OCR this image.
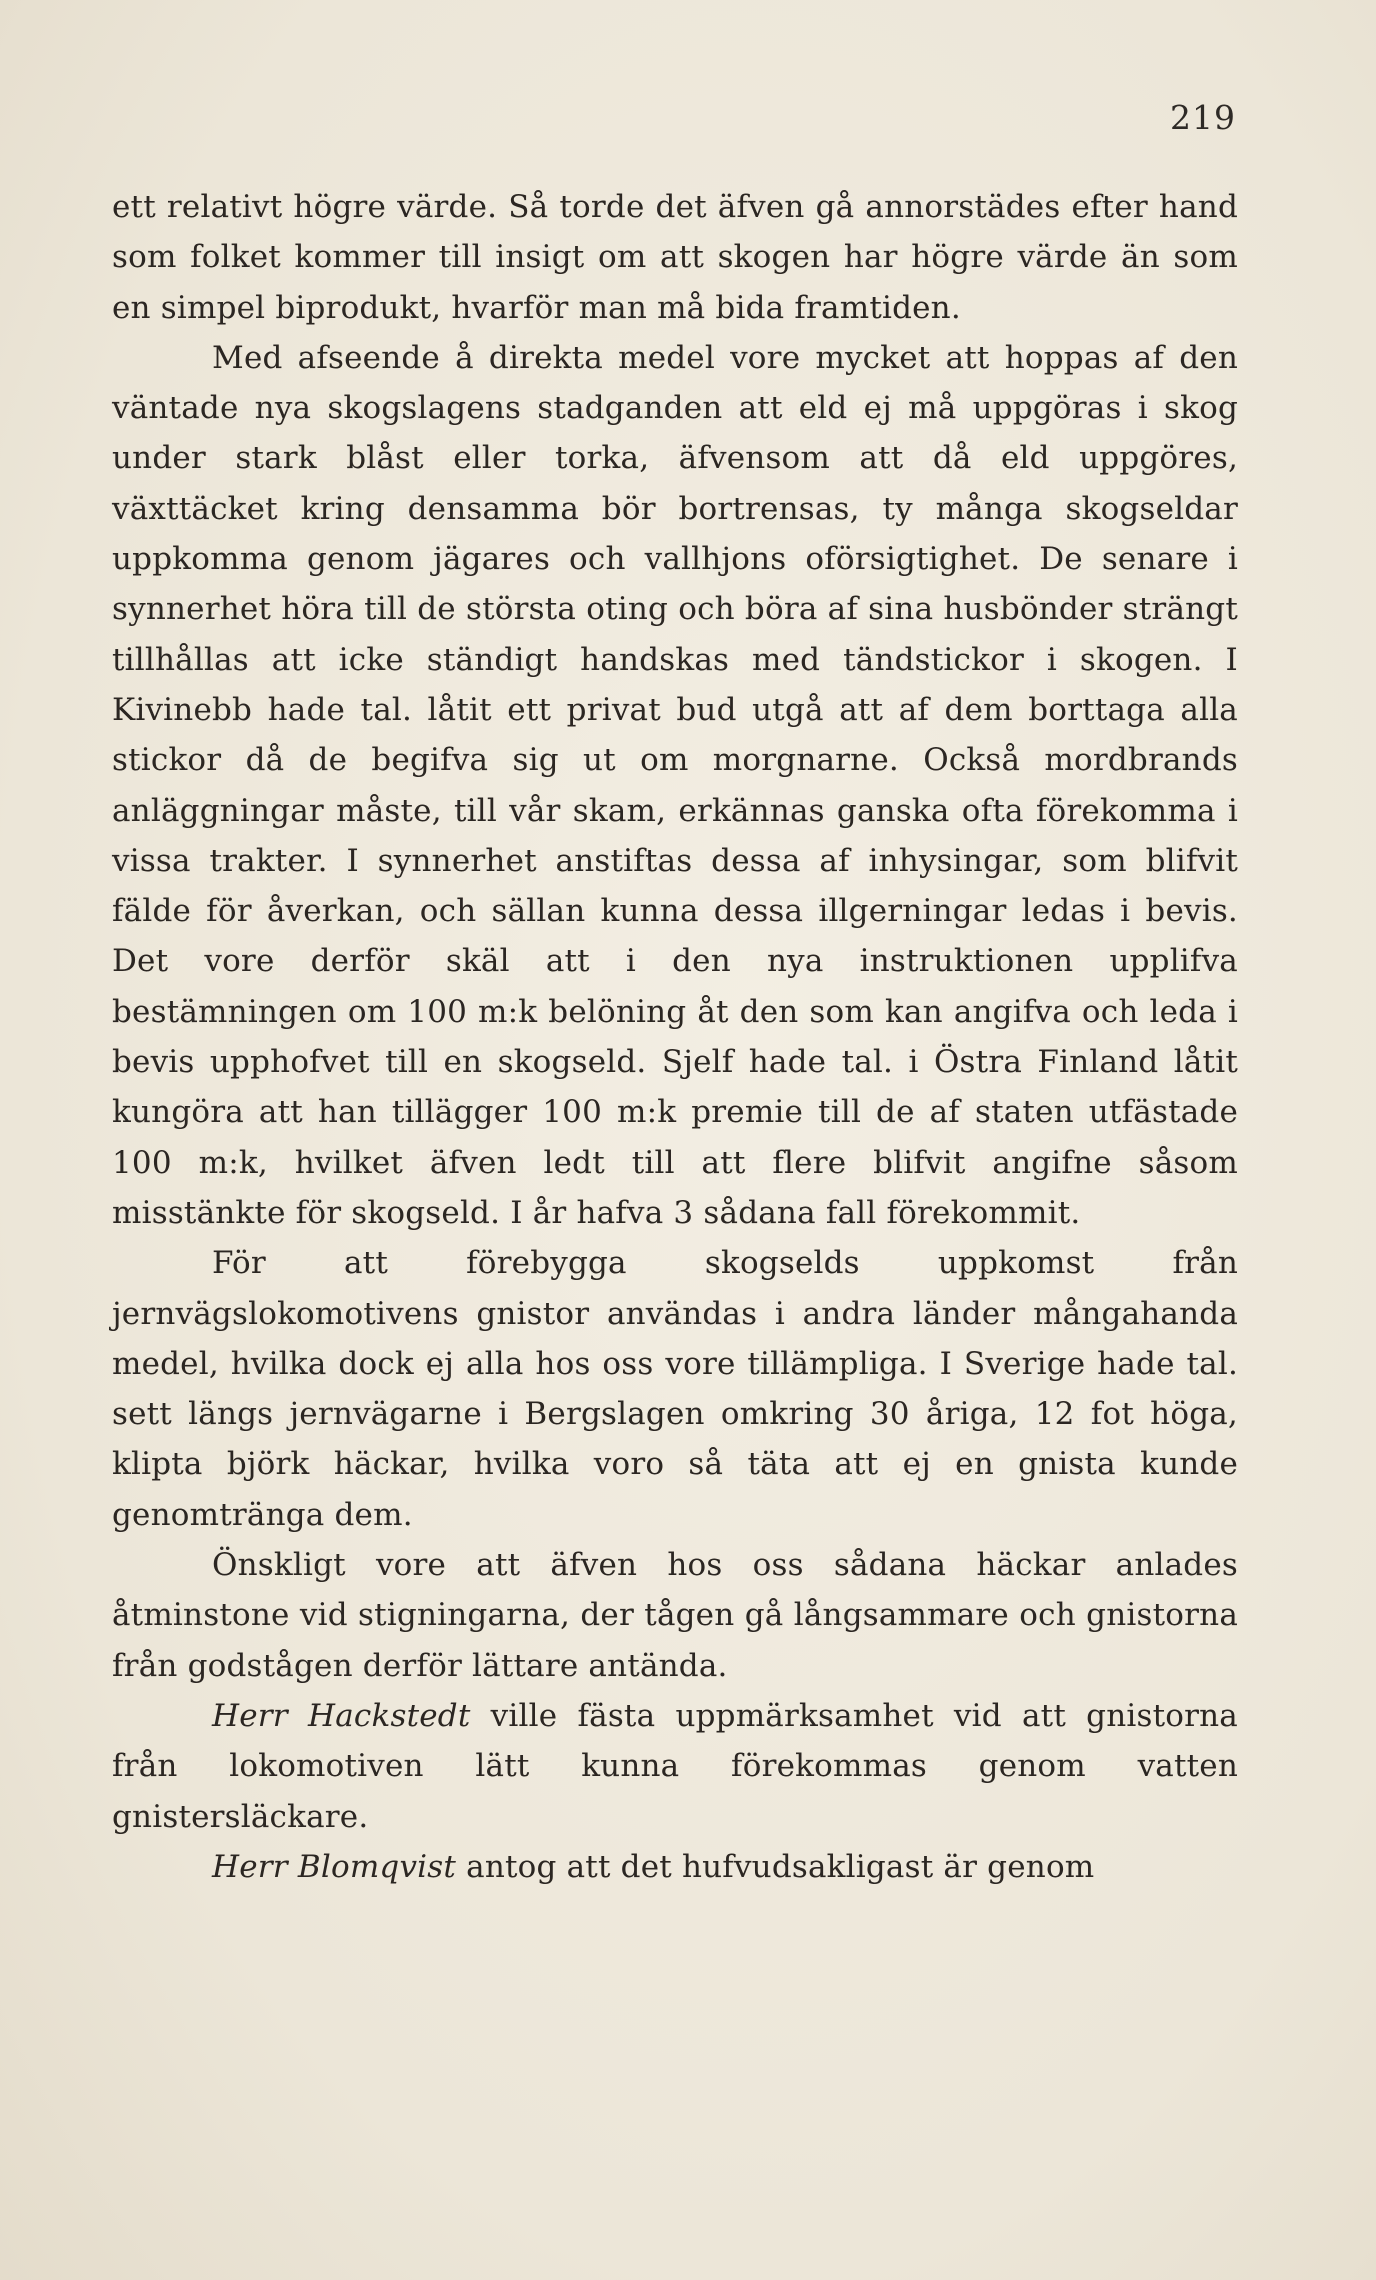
219

ett relativt högre värde. Så torde det äfven gå annorstädes efter hand som folket kommer till insigt om att skogen har högre värde än som en simpel biprodukt, hvarför man må bida framtiden.

Med afseende å direkta medel vore mycket att hoppas af den väntade nya skogslagens stadganden att eld ej må uppgöras i skog under stark blåst eller torka, äfvensom att då eld uppgöres, växttäcket kring densamma bör bortrensas, ty många skogseldar uppkomma genom jägares och vallhjons oförsigtighet. De senare i synnerhet höra till de största oting och böra af sina husbönder strängt tillhållas att icke ständigt handskas med tändstickor i skogen. I Kivinebb hade tal. låtit ett privat bud utgå att af dem borttaga alla stickor då de begifva sig ut om morgnarne. Också mordbrands anläggningar måste, till vår skam, erkännas ganska ofta förekomma i vissa trakter. I synnerhet anstiftas dessa af inhysingar, som blifvit fälde för åverkan, och sällan kunna dessa illgerningar ledas i bevis. Det vore derför skäl att i den nya instruktionen upplifva bestämningen om 100 m:k belöning åt den som kan angifva och leda i bevis upphofvet till en skogseld. Sjelf hade tal. i Östra Finland låtit kungöra att han tillägger 100 m:k premie till de af staten utfästade 100 m:k, hvilket äfven ledt till att flere blifvit angifne såsom misstänkte för skogseld. I år hafva 3 sådana fall förekommit.

För att förebygga skogselds uppkomst från jernvägslokomotivens gnistor användas i andra länder mångahanda medel, hvilka dock ej alla hos oss vore tillämpliga. I Sverige hade tal. sett längs jernvägarne i Bergslagen omkring 30 åriga, 12 fot höga, klipta björk häckar, hvilka voro så täta att ej en gnista kunde genomtränga dem.

Önskligt vore att äfven hos oss sådana häckar anlades åtminstone vid stigningarna, der tågen gå långsammare och gnistorna från godstågen derför lättare antända.

Herr Hackstedt ville fästa uppmärksamhet vid att gnistorna från lokomotiven lätt kunna förekommas genom vatten gnistersläckare.

Herr Blomqvist antog att det hufvudsakligast är genom
